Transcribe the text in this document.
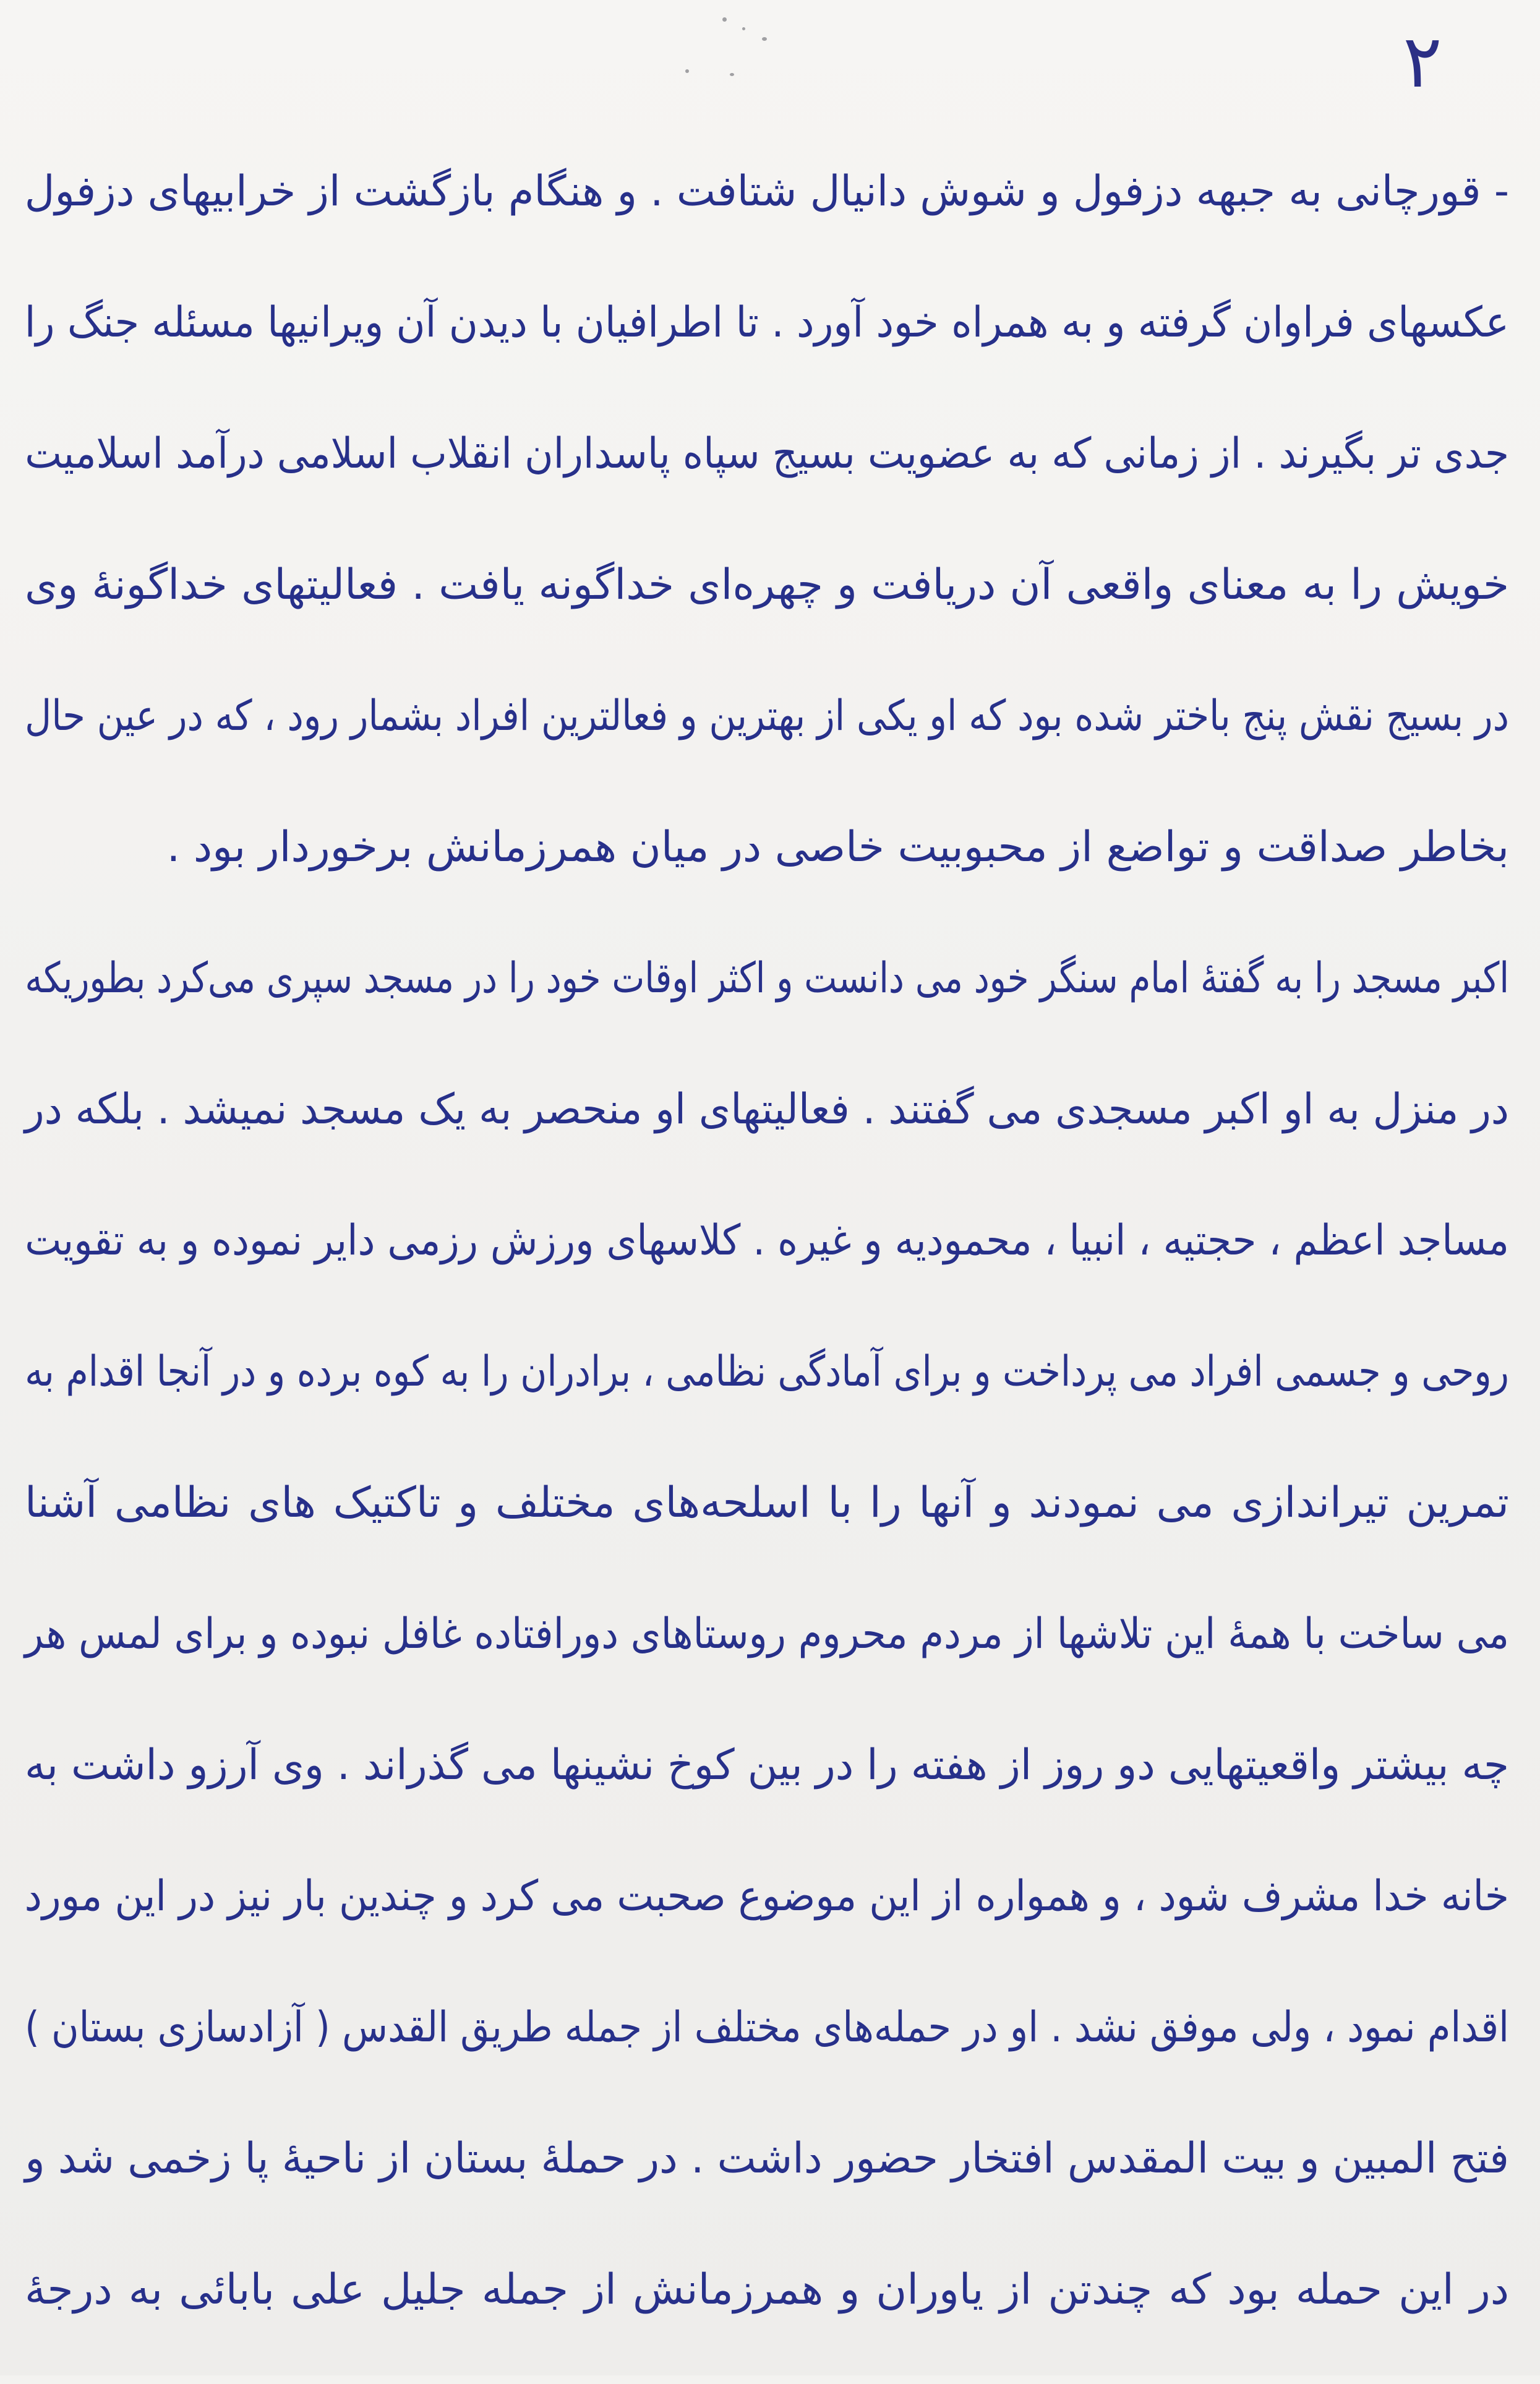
۲
- قورچانی به جبهه دزفول و شوش دانیال شتافت . و هنگام بازگشت از خرابیهای دزفول
عکسهای فراوان گرفته و به همراه خود آورد . تا اطرافیان با دیدن آن ویرانیها مسئله جنگ را
جدی تر بگیرند . از زمانی که به عضویت بسیج سپاه پاسداران انقلاب اسلامی درآمد اسلامیت
خویش را به معنای واقعی آن دریافت و چهره‌ای خداگونه یافت . فعالیتهای خداگونهٔ وی
در بسیج نقش پنج باختر شده بود که او یکی از بهترین و فعالترین افراد بشمار رود ، که در عین حال
بخاطر صداقت و تواضع از محبوبیت خاصی در میان همرزمانش برخوردار بود .
اکبر مسجد را به گفتهٔ امام سنگر خود می دانست و اکثر اوقات خود را در مسجد سپری می‌کرد بطوریکه
در منزل به او اکبر مسجدی می گفتند . فعالیتهای او منحصر به یک مسجد نمیشد . بلکه در
مساجد اعظم ، حجتیه ، انبیا ، محمودیه و غیره . کلاسهای ورزش رزمی دایر نموده و به تقویت
روحی و جسمی افراد می پرداخت و برای آمادگی نظامی ، برادران را به کوه برده و در آنجا اقدام به
تمرین تیراندازی می نمودند و آنها را با اسلحه‌های مختلف و تاکتیک های نظامی آشنا
می ساخت با همهٔ این تلاشها از مردم محروم روستاهای دورافتاده غافل نبوده و برای لمس هر
چه بیشتر واقعیتهایی دو روز از هفته را در بین کوخ نشینها می گذراند . وی آرزو داشت به
خانه خدا مشرف شود ، و همواره از این موضوع صحبت می کرد و چندین بار نیز در این مورد
اقدام نمود ، ولی موفق نشد . او در حمله‌های مختلف از جمله طریق القدس ( آزادسازی بستان )
فتح المبین و بیت المقدس افتخار حضور داشت . در حملهٔ بستان از ناحیهٔ پا زخمی شد و
در این حمله بود که چندتن از یاوران و همرزمانش از جمله جلیل علی بابائی به درجهٔ
